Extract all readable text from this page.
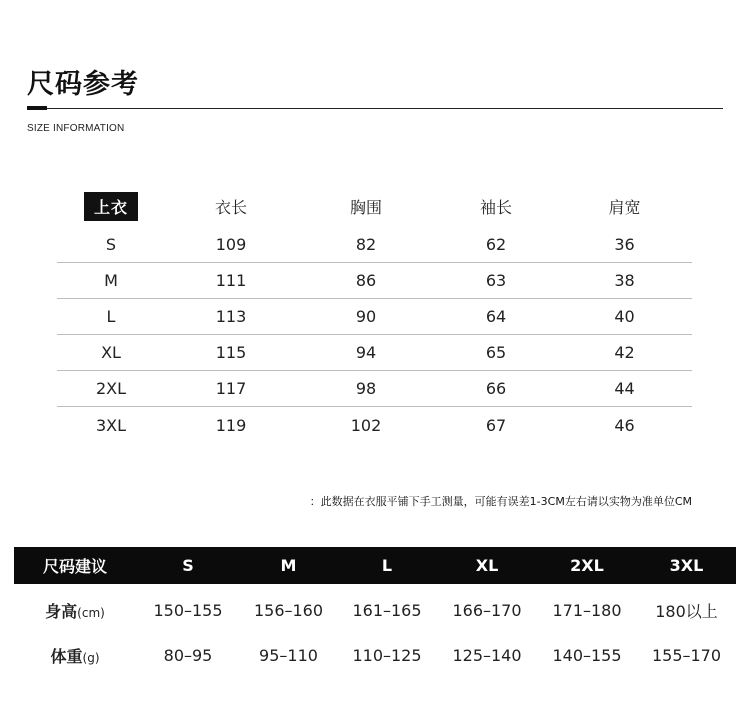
尺码参考
SIZE INFORMATION
上衣	衣长	胸围	袖长	肩宽
S	109	82	62	36
M	111	86	63	38
L	113	90	64	40
XL	115	94	65	42
2XL	117	98	66	44
3XL	119	102	67	46
：此数据在衣服平铺下手工测量，可能有误差1-3CM左右请以实物为准单位CM
尺码建议	S	M	L	XL	2XL	3XL
身高(cm)	150–155	156–160	161–165	166–170	171–180	180以上
体重(g)	80–95	95–110	110–125	125–140	140–155	155–170
